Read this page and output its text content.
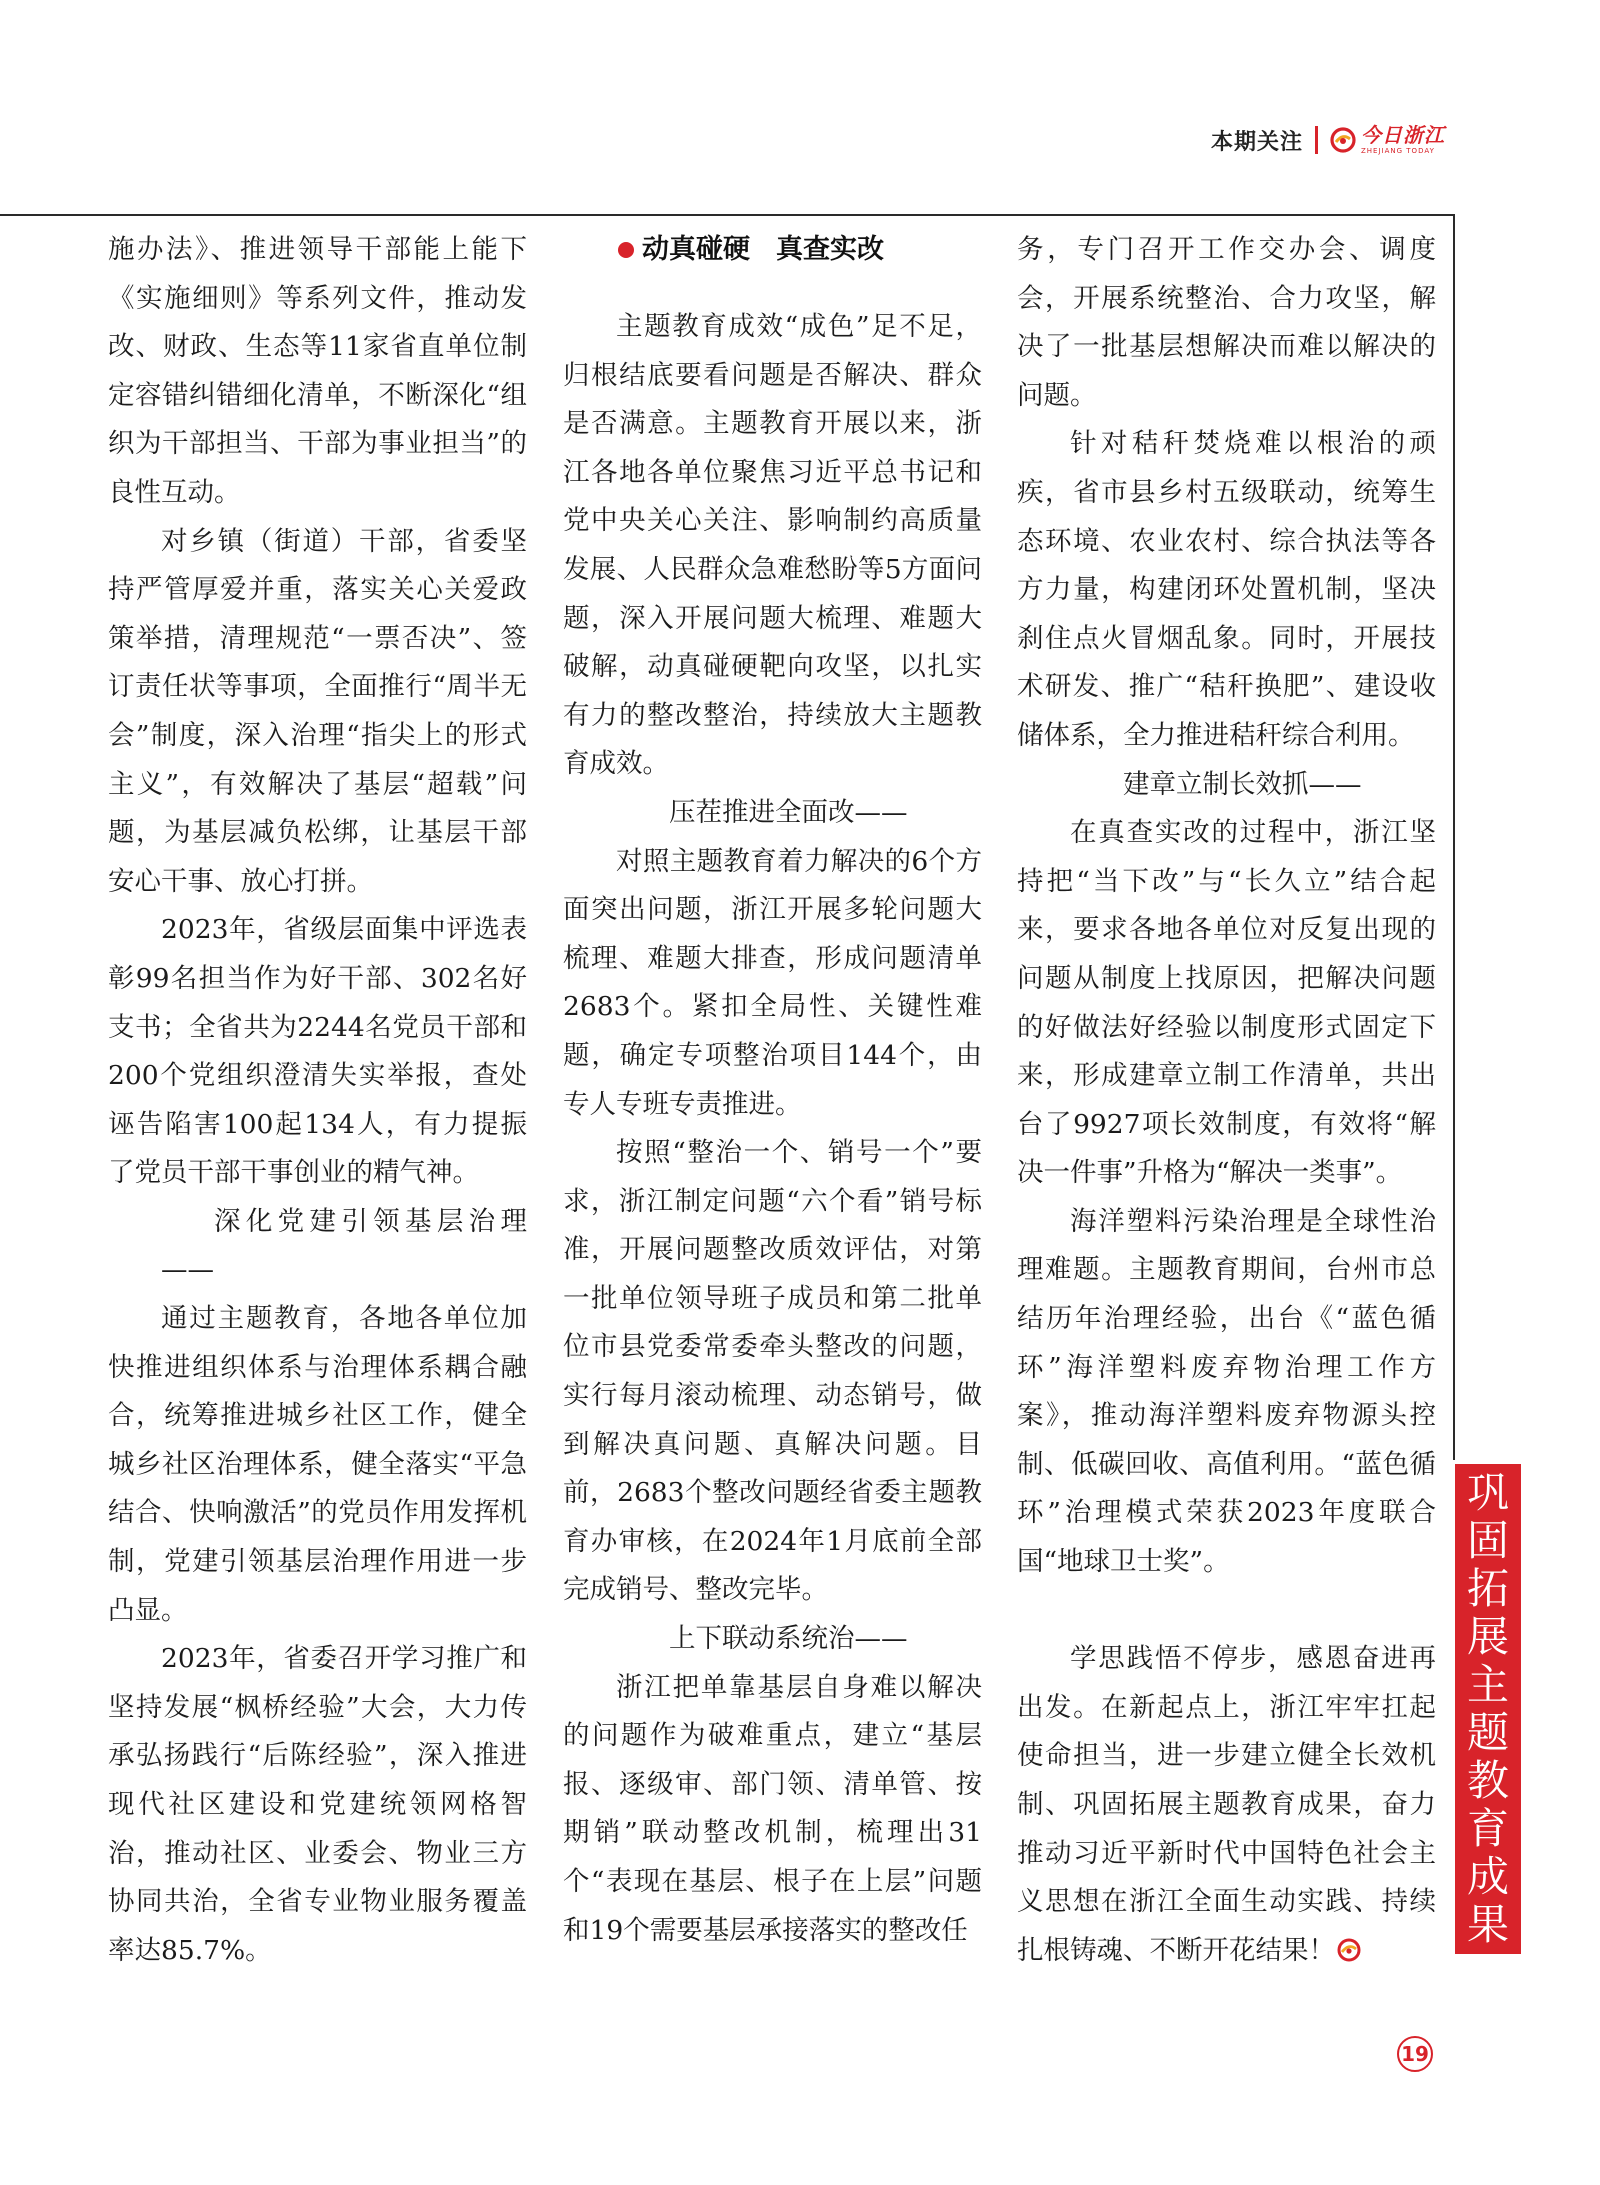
本期关注	今日浙江
ZHEJIANG TODAY

施办法》、推进领导干部能上能下《实施细则》等系列文件，推动发改、财政、生态等11家省直单位制定容错纠错细化清单，不断深化“组织为干部担当、干部为事业担当”的良性互动。

对乡镇（街道）干部，省委坚持严管厚爱并重，落实关心关爱政策举措，清理规范“一票否决”、签订责任状等事项，全面推行“周半无会”制度，深入治理“指尖上的形式主义”，有效解决了基层“超载”问题，为基层减负松绑，让基层干部安心干事、放心打拼。

2023年，省级层面集中评选表彰99名担当作为好干部、302名好支书；全省共为2244名党员干部和200个党组织澄清失实举报，查处诬告陷害100起134人，有力提振了党员干部干事创业的精气神。

深化党建引领基层治理——

通过主题教育，各地各单位加快推进组织体系与治理体系耦合融合，统筹推进城乡社区工作，健全城乡社区治理体系，健全落实“平急结合、快响激活”的党员作用发挥机制，党建引领基层治理作用进一步凸显。

2023年，省委召开学习推广和坚持发展“枫桥经验”大会，大力传承弘扬践行“后陈经验”，深入推进现代社区建设和党建统领网格智治，推动社区、业委会、物业三方协同共治，全省专业物业服务覆盖率达85.7%。

动真碰硬 真查实改

主题教育成效“成色”足不足，归根结底要看问题是否解决、群众是否满意。主题教育开展以来，浙江各地各单位聚焦习近平总书记和党中央关心关注、影响制约高质量发展、人民群众急难愁盼等5方面问题，深入开展问题大梳理、难题大破解，动真碰硬靶向攻坚，以扎实有力的整改整治，持续放大主题教育成效。

压茬推进全面改——

对照主题教育着力解决的6个方面突出问题，浙江开展多轮问题大梳理、难题大排查，形成问题清单2683个。紧扣全局性、关键性难题，确定专项整治项目144个，由专人专班专责推进。

按照“整治一个、销号一个”要求，浙江制定问题“六个看”销号标准，开展问题整改质效评估，对第一批单位领导班子成员和第二批单位市县党委常委牵头整改的问题，实行每月滚动梳理、动态销号，做到解决真问题、真解决问题。目前，2683个整改问题经省委主题教育办审核，在2024年1月底前全部完成销号、整改完毕。

上下联动系统治——

浙江把单靠基层自身难以解决的问题作为破难重点，建立“基层报、逐级审、部门领、清单管、按期销”联动整改机制，梳理出31个“表现在基层、根子在上层”问题和19个需要基层承接落实的整改任

务，专门召开工作交办会、调度会，开展系统整治、合力攻坚，解决了一批基层想解决而难以解决的问题。

针对秸秆焚烧难以根治的顽疾，省市县乡村五级联动，统筹生态环境、农业农村、综合执法等各方力量，构建闭环处置机制，坚决刹住点火冒烟乱象。同时，开展技术研发、推广“秸秆换肥”、建设收储体系，全力推进秸秆综合利用。

建章立制长效抓——

在真查实改的过程中，浙江坚持把“当下改”与“长久立”结合起来，要求各地各单位对反复出现的问题从制度上找原因，把解决问题的好做法好经验以制度形式固定下来，形成建章立制工作清单，共出台了9927项长效制度，有效将“解决一件事”升格为“解决一类事”。

海洋塑料污染治理是全球性治理难题。主题教育期间，台州市总结历年治理经验，出台《“蓝色循环”海洋塑料废弃物治理工作方案》，推动海洋塑料废弃物源头控制、低碳回收、高值利用。“蓝色循环”治理模式荣获2023年度联合国“地球卫士奖”。

学思践悟不停步，感恩奋进再出发。在新起点上，浙江牢牢扛起使命担当，进一步建立健全长效机制、巩固拓展主题教育成果，奋力推动习近平新时代中国特色社会主义思想在浙江全面生动实践、持续扎根铸魂、不断开花结果！

巩
固
拓
展
主
题
教
育
成
果
19
